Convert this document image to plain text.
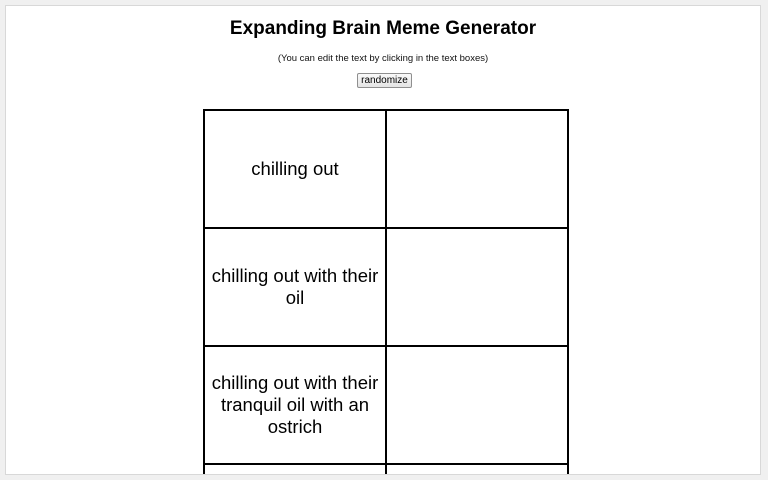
Expanding Brain Meme Generator
(You can edit the text by clicking in the text boxes)
randomize
chilling out	

chilling out with their oil	

chilling out with their tranquil oil with an ostrich	
